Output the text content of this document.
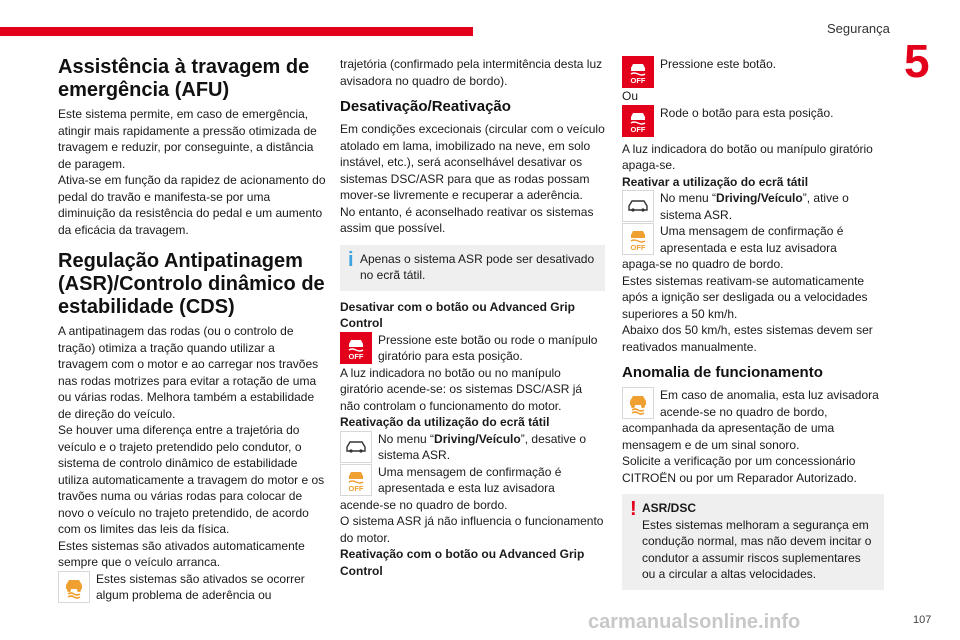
Segurança
5
Assistência à travagem de emergência (AFU)

Este sistema permite, em caso de emergência, atingir mais rapidamente a pressão otimizada de travagem e reduzir, por conseguinte, a distância de paragem.

Ativa-se em função da rapidez de acionamento do pedal do travão e manifesta-se por uma diminuição da resistência do pedal e um aumento da eficácia da travagem.

Regulação Antipatinagem (ASR)/Controlo dinâmico de estabilidade (CDS)

A antipatinagem das rodas (ou o controlo de tração) otimiza a tração quando utilizar a travagem com o motor e ao carregar nos travões nas rodas motrizes para evitar a rotação de uma ou várias rodas. Melhora também a estabilidade de direção do veículo.

Se houver uma diferença entre a trajetória do veículo e o trajeto pretendido pelo condutor, o sistema de controlo dinâmico de estabilidade utiliza automaticamente a travagem do motor e os travões numa ou várias rodas para colocar de novo o veículo no trajeto pretendido, de acordo com os limites das leis da física.

Estes sistemas são ativados automaticamente sempre que o veículo arranca.

Estes sistemas são ativados se ocorrer algum problema de aderência ou

trajetória (confirmado pela intermitência desta luz avisadora no quadro de bordo).

Desativação/Reativação

Em condições excecionais (circular com o veículo atolado em lama, imobilizado na neve, em solo instável, etc.), será aconselhável desativar os sistemas DSC/ASR para que as rodas possam mover-se livremente e recuperar a aderência.

No entanto, é aconselhado reativar os sistemas assim que possível.

i Apenas o sistema ASR pode ser desativado no ecrã tátil.

Desativar com o botão ou Advanced Grip Control

OFF

Pressione este botão ou rode o manípulo giratório para esta posição.

A luz indicadora no botão ou no manípulo giratório acende-se: os sistemas DSC/ASR já não controlam o funcionamento do motor.

Reativação da utilização do ecrã tátil

No menu “Driving/Veículo”, desative o sistema ASR.

OFF

Uma mensagem de confirmação é apresentada e esta luz avisadora

acende-se no quadro de bordo.

O sistema ASR já não influencia o funcionamento do motor.

Reativação com o botão ou Advanced Grip Control

OFF

Pressione este botão.

Ou

OFF

Rode o botão para esta posição.

A luz indicadora do botão ou manípulo giratório apaga-se.

Reativar a utilização do ecrã tátil

No menu “Driving/Veículo”, ative o sistema ASR.

OFF

Uma mensagem de confirmação é apresentada e esta luz avisadora

apaga-se no quadro de bordo.

Estes sistemas reativam-se automaticamente após a ignição ser desligada ou a velocidades superiores a 50 km/h.

Abaixo dos 50 km/h, estes sistemas devem ser reativados manualmente.

Anomalia de funcionamento

Em caso de anomalia, esta luz avisadora acende-se no quadro de bordo,

acompanhada da apresentação de uma mensagem e de um sinal sonoro.

Solicite a verificação por um concessionário CITROËN ou por um Reparador Autorizado.

! ASR/DSC
Estes sistemas melhoram a segurança em condução normal, mas não devem incitar o condutor a assumir riscos suplementares ou a circular a altas velocidades.

carmanualsonline.info	107
